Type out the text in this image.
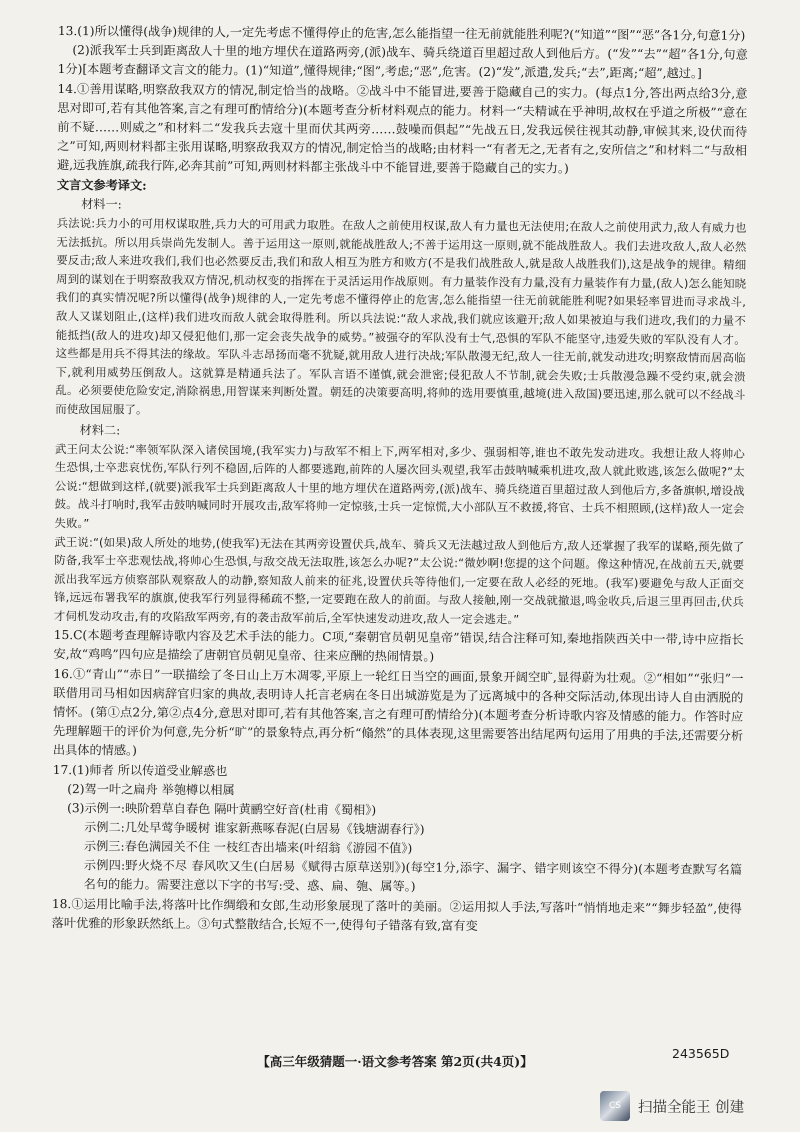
13.(1)所以懂得(战争)规律的人,一定先考虑不懂得停止的危害,怎么能指望一往无前就能胜利呢?(“知道”“图”“恶”各1分,句意1分)

(2)派我军士兵到距离敌人十里的地方埋伏在道路两旁,(派)战车、骑兵绕道百里超过敌人到他后方。(“发”“去”“超”各1分,句意1分)[本题考查翻译文言文的能力。(1)“知道”,懂得规律;“图”,考虑;“恶”,危害。(2)“发”,派遣,发兵;“去”,距离;“超”,越过。]

14.①善用谋略,明察敌我双方的情况,制定恰当的战略。②战斗中不能冒进,要善于隐藏自己的实力。(每点1分,答出两点给3分,意思对即可,若有其他答案,言之有理可酌情给分)(本题考查分析材料观点的能力。材料一“夫精诚在乎神明,故权在乎道之所极”“意在前不疑……则威之”和材料二“发我兵去寇十里而伏其两旁……鼓噪而俱起”“先战五日,发我远侯往视其动静,审候其来,设伏而待之”可知,两则材料都主张用谋略,明察敌我双方的情况,制定恰当的战略;由材料一“有者无之,无者有之,安所信之”和材料二“与敌相避,远我旌旗,疏我行阵,必奔其前”可知,两则材料都主张战斗中不能冒进,要善于隐藏自己的实力。)

文言文参考译文:

材料一:

兵法说:兵力小的可用权谋取胜,兵力大的可用武力取胜。在敌人之前使用权谋,敌人有力量也无法使用;在敌人之前使用武力,敌人有威力也无法抵抗。所以用兵崇尚先发制人。善于运用这一原则,就能战胜敌人;不善于运用这一原则,就不能战胜敌人。我们去进攻敌人,敌人必然要反击;敌人来进攻我们,我们也必然要反击,我们和敌人相互为胜方和败方(不是我们战胜敌人,就是敌人战胜我们),这是战争的规律。精细周到的谋划在于明察敌我双方情况,机动权变的指挥在于灵活运用作战原则。有力量装作没有力量,没有力量装作有力量,(敌人)怎么能知晓我们的真实情况呢?所以懂得(战争)规律的人,一定先考虑不懂得停止的危害,怎么能指望一往无前就能胜利呢?如果轻率冒进而寻求战斗,敌人又谋划阻止,(这样)我们进攻而敌人就会取得胜利。所以兵法说:“敌人求战,我们就应该避开;敌人如果被迫与我们进攻,我们的力量不能抵挡(敌人的进攻)却又侵犯他们,那一定会丧失战争的威势。”被强夺的军队没有士气,恐惧的军队不能坚守,违爱失败的军队没有人才。这些都是用兵不得其法的缘故。军队斗志昂扬而毫不犹疑,就用敌人进行决战;军队散漫无纪,敌人一往无前,就发动进攻;明察敌情而居高临下,就利用威势压倒敌人。这就算是精通兵法了。军队言语不谨慎,就会泄密;侵犯敌人不节制,就会失败;士兵散漫急躁不受约束,就会溃乱。必须要使危险安定,消除祸患,用智谋来判断处置。朝廷的决策要高明,将帅的选用要慎重,越境(进入敌国)要迅速,那么就可以不经战斗而使敌国屈服了。

材料二:

武王问太公说:“率领军队深入诸侯国境,(我军实力)与敌军不相上下,两军相对,多少、强弱相等,谁也不敢先发动进攻。我想让敌人将帅心生恐惧,士卒悲哀忧伤,军队行列不稳固,后阵的人都要逃跑,前阵的人屡次回头观望,我军击鼓呐喊乘机进攻,敌人就此败逃,该怎么做呢?”太公说:“想做到这样,(就要)派我军士兵到距离敌人十里的地方埋伏在道路两旁,(派)战车、骑兵绕道百里超过敌人到他后方,多备旗帜,增设战鼓。战斗打响时,我军击鼓呐喊同时开展攻击,敌军将帅一定惊骇,士兵一定惊慌,大小部队互不救援,将官、士兵不相照顾,(这样)敌人一定会失败。”

武王说:“(如果)敌人所处的地势,(使我军)无法在其两旁设置伏兵,战车、骑兵又无法越过敌人到他后方,敌人还掌握了我军的谋略,预先做了防备,我军士卒悲观怯战,将帅心生恐惧,与敌交战无法取胜,该怎么办呢?”太公说:“微妙啊!您提的这个问题。像这种情况,在战前五天,就要派出我军远方侦察部队观察敌人的动静,察知敌人前来的征兆,设置伏兵等待他们,一定要在敌人必经的死地。(我军)要避免与敌人正面交锋,远远布署我军的旗旗,使我军行列显得稀疏不整,一定要跑在敌人的前面。与敌人接触,刚一交战就撤退,鸣金收兵,后退三里再回击,伏兵才伺机发动攻击,有的攻陷敌军两旁,有的袭击敌军前后,全军快速发动进攻,敌人一定会逃走。”

15.C(本题考查理解诗歌内容及艺术手法的能力。C项,“秦朝官员朝见皇帝”错误,结合注释可知,秦地指陕西关中一带,诗中应指长安,故“鸡鸣”四句应是描绘了唐朝官员朝见皇帝、往来应酬的热闹情景。)

16.①“青山”“赤日”一联描绘了冬日山上万木凋零,平原上一轮红日当空的画面,景象开阔空旷,显得蔚为壮观。②“相如”“张归”一联借用司马相如因病辞官归家的典故,表明诗人托言老病在冬日出城游览是为了远离城中的各种交际活动,体现出诗人自由洒脱的情怀。(第①点2分,第②点4分,意思对即可,若有其他答案,言之有理可酌情给分)(本题考查分析诗歌内容及情感的能力。作答时应先理解题干的评价为何意,先分析“旷”的景象特点,再分析“翛然”的具体表现,这里需要答出结尾两句运用了用典的手法,还需要分析出具体的情感。)

17.(1)师者 所以传道受业解惑也

(2)驾一叶之扁舟 举匏樽以相属

(3)示例一:映阶碧草自春色 隔叶黄鹂空好音(杜甫《蜀相》)

示例二:几处早莺争暖树 谁家新燕啄春泥(白居易《钱塘湖春行》)

示例三:春色满园关不住 一枝红杏出墙来(叶绍翁《游园不值》)

示例四:野火烧不尽 春风吹又生(白居易《赋得古原草送别》)(每空1分,添字、漏字、错字则该空不得分)(本题考查默写名篇名句的能力。需要注意以下字的书写:受、惑、扁、匏、属等。)

18.①运用比喻手法,将落叶比作绸缎和女郎,生动形象展现了落叶的美丽。②运用拟人手法,写落叶“悄悄地走来”“舞步轻盈”,使得落叶优雅的形象跃然纸上。③句式整散结合,长短不一,使得句子错落有致,富有变

【高三年级猜题一·语文参考答案 第2页(共4页)】
243565D
CS	扫描全能王 创建
